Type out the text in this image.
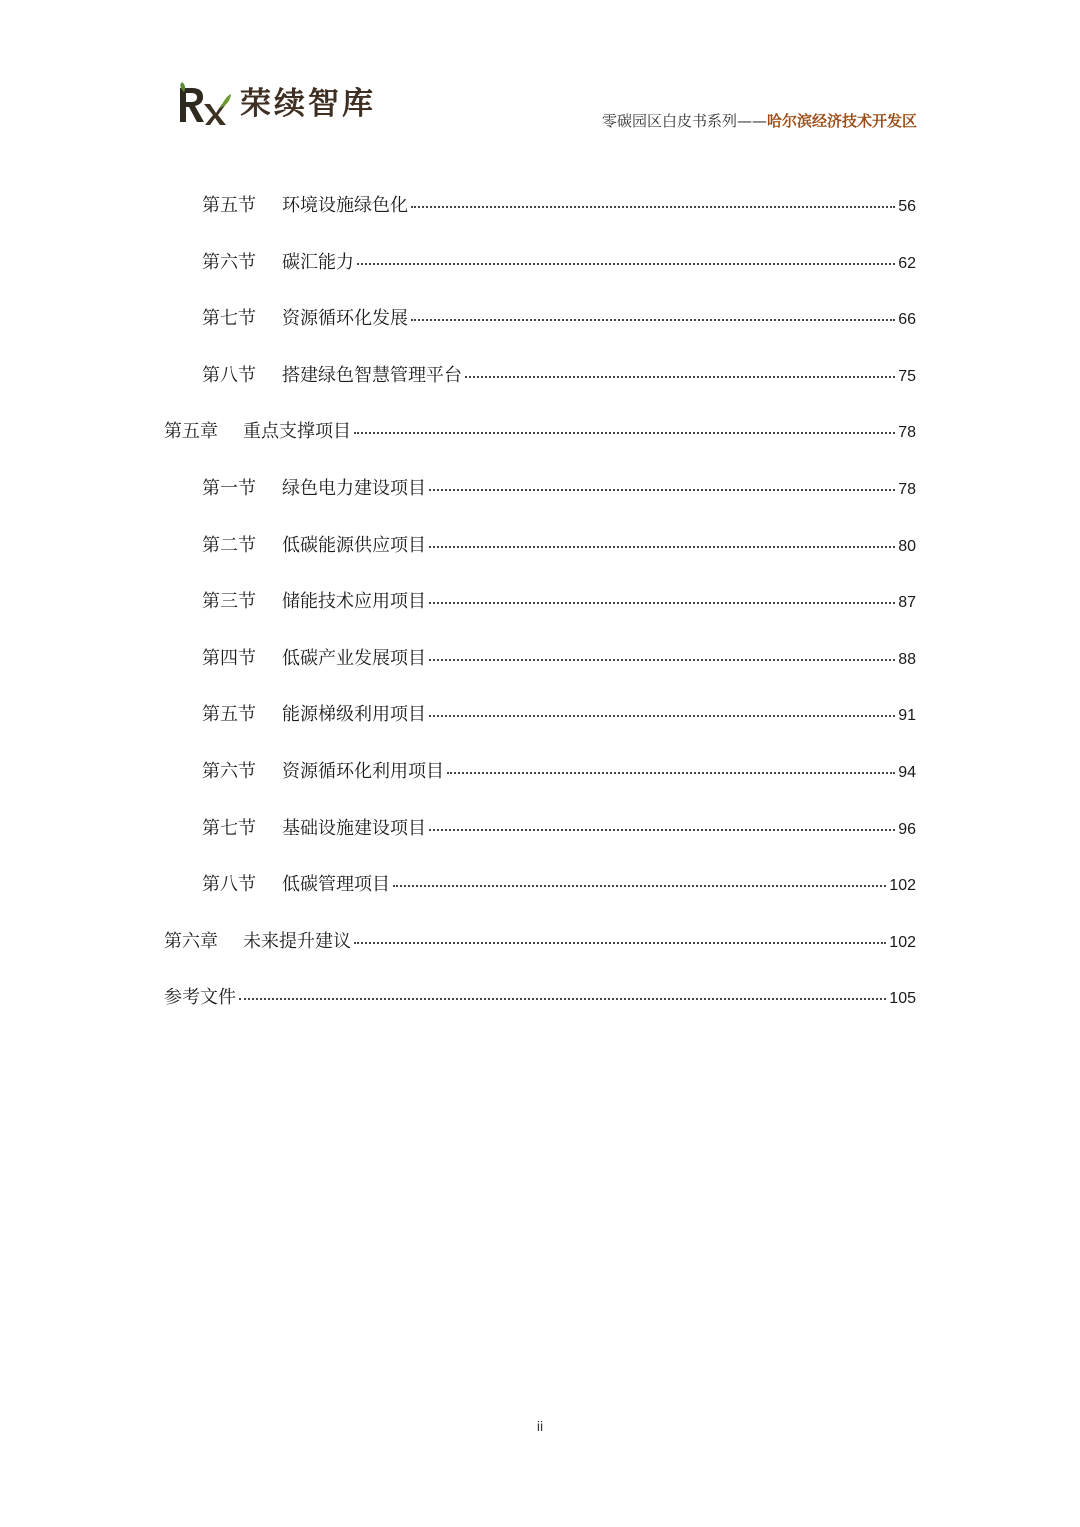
荣续智库	零碳园区白皮书系列——哈尔滨经济技术开发区
第五节 环境设施绿色化	56
第六节 碳汇能力	62
第七节 资源循环化发展	66
第八节 搭建绿色智慧管理平台	75
第五章 重点支撑项目	78
第一节 绿色电力建设项目	78
第二节 低碳能源供应项目	80
第三节 储能技术应用项目	87
第四节 低碳产业发展项目	88
第五节 能源梯级利用项目	91
第六节 资源循环化利用项目	94
第七节 基础设施建设项目	96
第八节 低碳管理项目	102
第六章 未来提升建议	102
参考文件	105
ii
